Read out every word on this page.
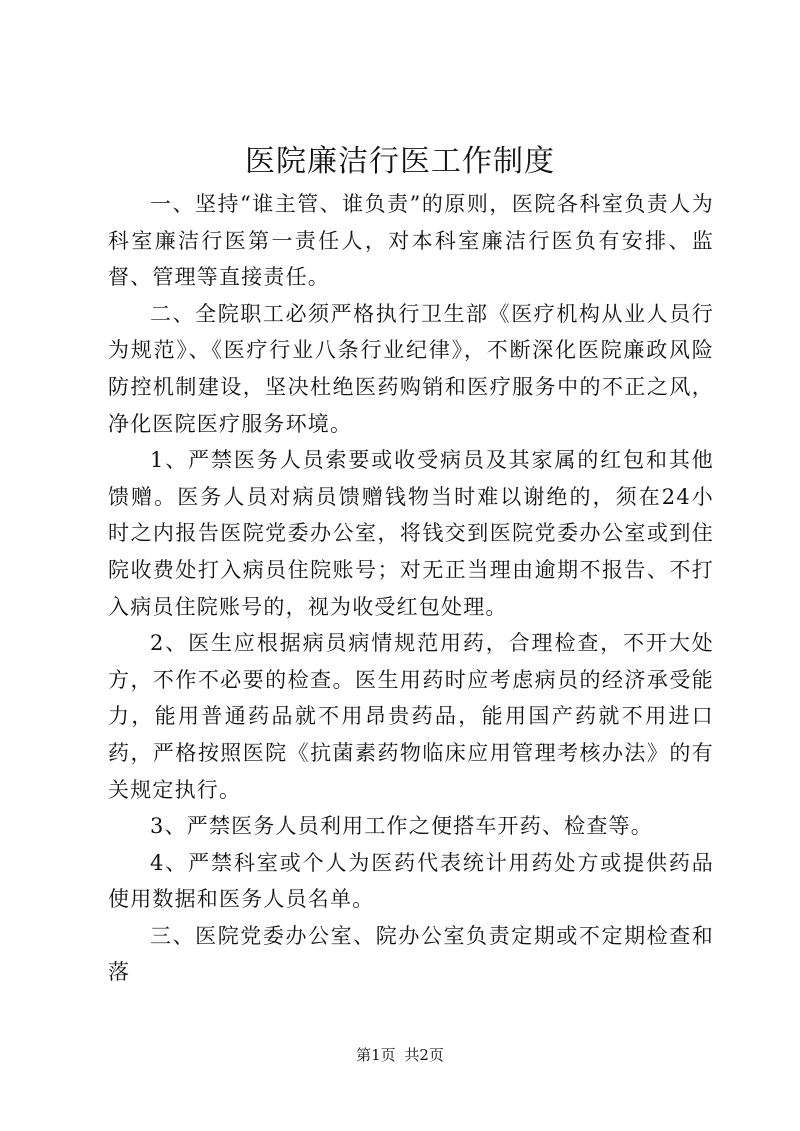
医院廉洁行医工作制度

一、坚持“谁主管、谁负责”的原则，医院各科室负责人为科室廉洁行医第一责任人，对本科室廉洁行医负有安排、监督、管理等直接责任。

二、全院职工必须严格执行卫生部《医疗机构从业人员行为规范》、《医疗行业八条行业纪律》，不断深化医院廉政风险防控机制建设，坚决杜绝医药购销和医疗服务中的不正之风，净化医院医疗服务环境。

1、严禁医务人员索要或收受病员及其家属的红包和其他馈赠。医务人员对病员馈赠钱物当时难以谢绝的，须在24小时之内报告医院党委办公室，将钱交到医院党委办公室或到住院收费处打入病员住院账号；对无正当理由逾期不报告、不打入病员住院账号的，视为收受红包处理。

2、医生应根据病员病情规范用药，合理检查，不开大处方，不作不必要的检查。医生用药时应考虑病员的经济承受能力，能用普通药品就不用昂贵药品，能用国产药就不用进口药，严格按照医院《抗菌素药物临床应用管理考核办法》的有关规定执行。

3、严禁医务人员利用工作之便搭车开药、检查等。

4、严禁科室或个人为医药代表统计用药处方或提供药品使用数据和医务人员名单。

三、医院党委办公室、院办公室负责定期或不定期检查和落

第1页 共2页
